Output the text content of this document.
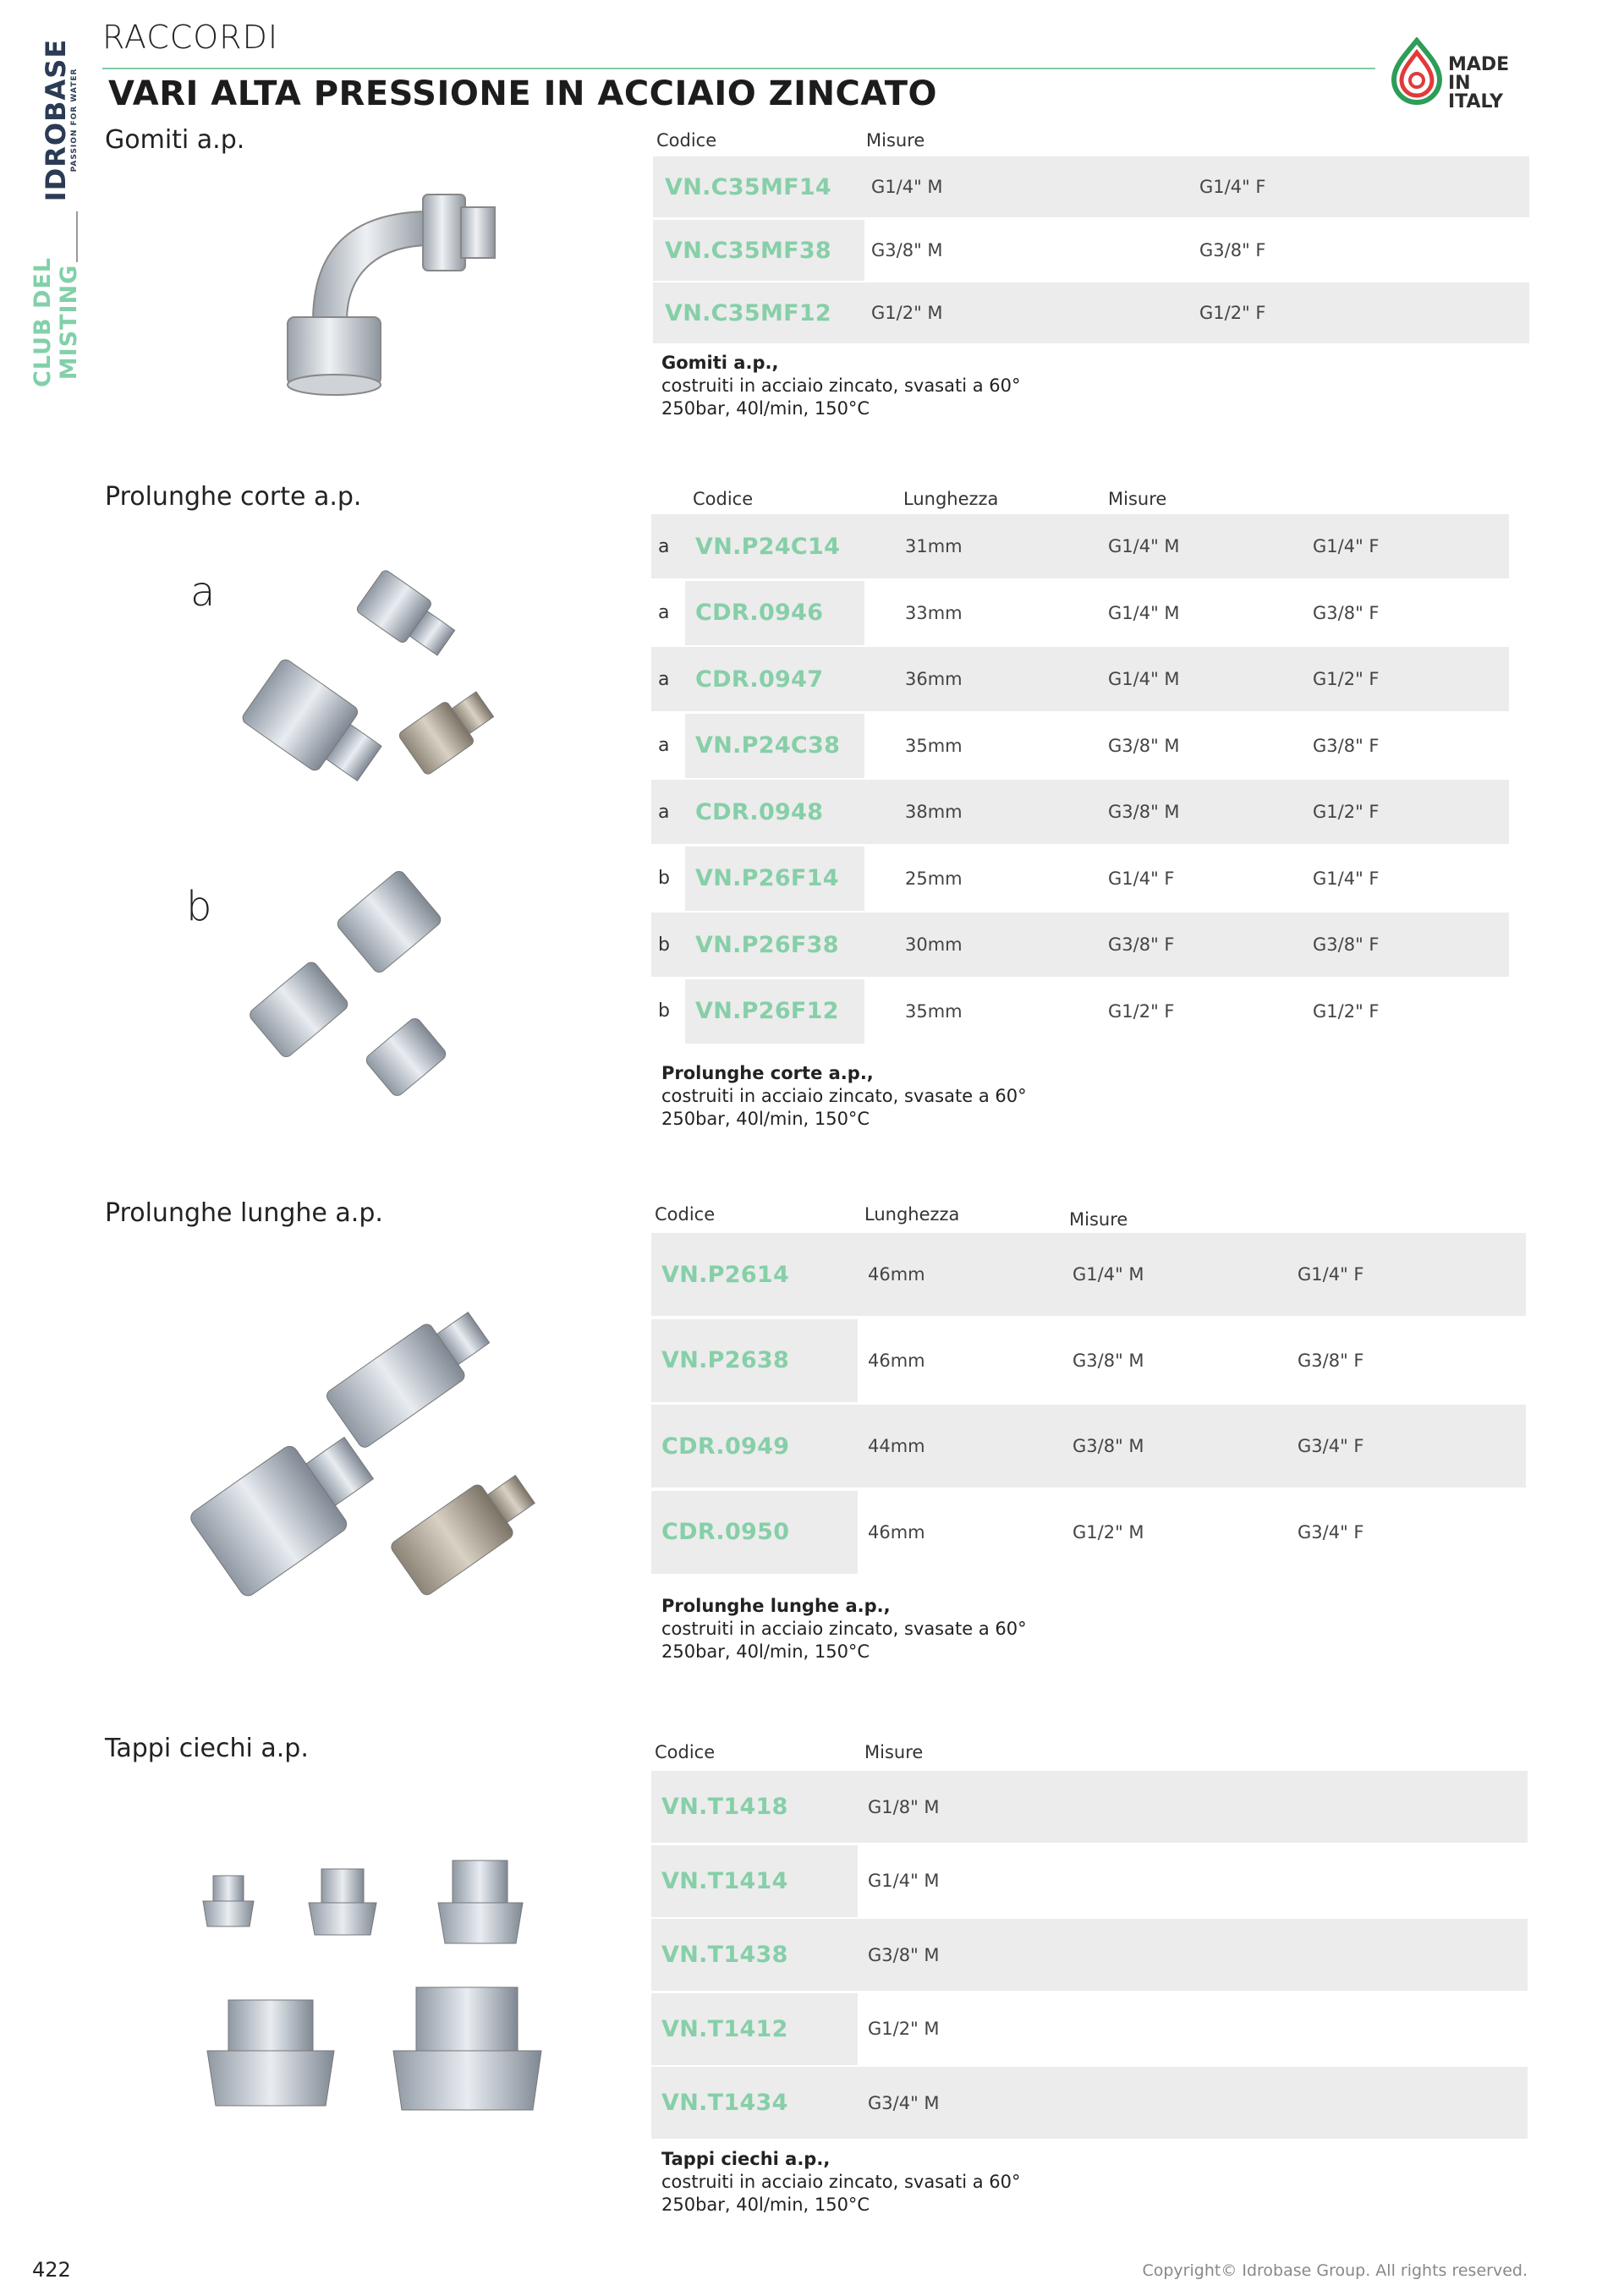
RACCORDI
VARI ALTA PRESSIONE IN ACCIAIO ZINCATO
MADE
IN ITALY
IDROBASE
PASSION FOR WATER
CLUB DEL MISTING
Gomiti a.p.	Codice	Misure
VN.C35MF14 G1/4" M	G1/4" F
VN.C35MF38 G3/8" M	G3/8" F
VN.C35MF12 G1/2" M	G1/2" F
Gomiti a.p.,
costruiti in acciaio zincato, svasati a 60°
250bar, 40l/min, 150°C
Prolunghe corte a.p.	Codice	Lunghezza	Misure
a
b
a VN.P24C14	31mm	G1/4" M	G1/4" F
a CDR.0946	33mm	G1/4" M	G3/8" F
a CDR.0947	36mm	G1/4" M	G1/2" F
a VN.P24C38	35mm	G3/8" M	G3/8" F
a CDR.0948	38mm	G3/8" M	G1/2" F
b VN.P26F14	25mm	G1/4" F	G1/4" F
b VN.P26F38	30mm	G3/8" F	G3/8" F
b VN.P26F12	35mm	G1/2" F	G1/2" F
Prolunghe corte a.p.,
costruiti in acciaio zincato, svasate a 60°
250bar, 40l/min, 150°C
Prolunghe lunghe a.p.	Codice	Lunghezza	Misure
VN.P2614	46mm	G1/4" M	G1/4" F
VN.P2638	46mm	G3/8" M	G3/8" F
CDR.0949	44mm	G3/8" M	G3/4" F
CDR.0950	46mm	G1/2" M	G3/4" F
Prolunghe lunghe a.p.,
costruiti in acciaio zincato, svasate a 60°
250bar, 40l/min, 150°C
Tappi ciechi a.p.	Codice	Misure
VN.T1418	G1/8" M
VN.T1414	G1/4" M
VN.T1438	G3/8" M
VN.T1412	G1/2" M
VN.T1434	G3/4" M
Tappi ciechi a.p.,
costruiti in acciaio zincato, svasati a 60°
250bar, 40l/min, 150°C
422	Copyright© Idrobase Group. All rights reserved.
